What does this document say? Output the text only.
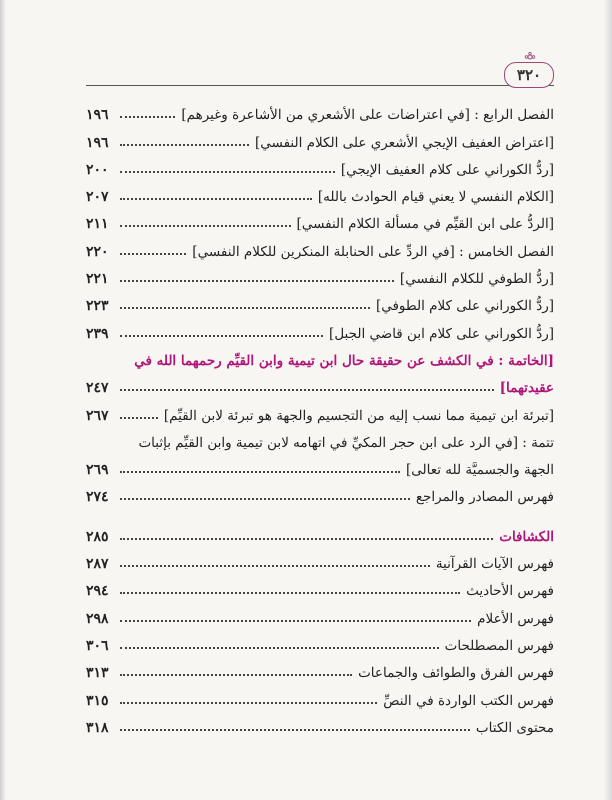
٣٢٠
الفصل الرابع : [في اعتراضات على الأشعري من الأشاعرة وغيرهم]
١٩٦
[اعتراض العفيف الإيجي الأشعري على الكلام النفسي]
١٩٦
[ردُّ الكوراني على كلام العفيف الإيجي]
٢٠٠
[الكلام النفسي لا يعني قيام الحوادث بالله]
٢٠٧
[الردُّ على ابن القيِّم في مسألة الكلام النفسي]
٢١١
الفصل الخامس : [في الردِّ على الحنابلة المنكرين للكلام النفسي]
٢٢٠
[ردُّ الطوفي للكلام النفسي]
٢٢١
[ردُّ الكوراني على كلام الطوفي]
٢٢٣
[ردُّ الكوراني على كلام ابن قاضي الجبل]
٢٣٩
[الخاتمة : في الكشف عن حقيقة حال ابن تيمية وابن القيِّم رحمهما الله في
عقيدتهما]
٢٤٧
[تبرئة ابن تيمية مما نسب إليه من التجسيم والجهة هو تبرئة لابن القيِّم]
٢٦٧
تتمة : [في الرد على ابن حجر المكيِّ في اتهامه لابن تيمية وابن القيِّم بإثبات
الجهة والجسميَّة لله تعالى]
٢٦٩
فهرس المصادر والمراجع
٢٧٤
الكشافات
٢٨٥
فهرس الآيات القرآنية
٢٨٧
فهرس الأحاديث
٢٩٤
فهرس الأعلام
٢٩٨
فهرس المصطلحات
٣٠٦
فهرس الفرق والطوائف والجماعات
٣١٣
فهرس الكتب الواردة في النصِّ
٣١٥
محتوى الكتاب
٣١٨
